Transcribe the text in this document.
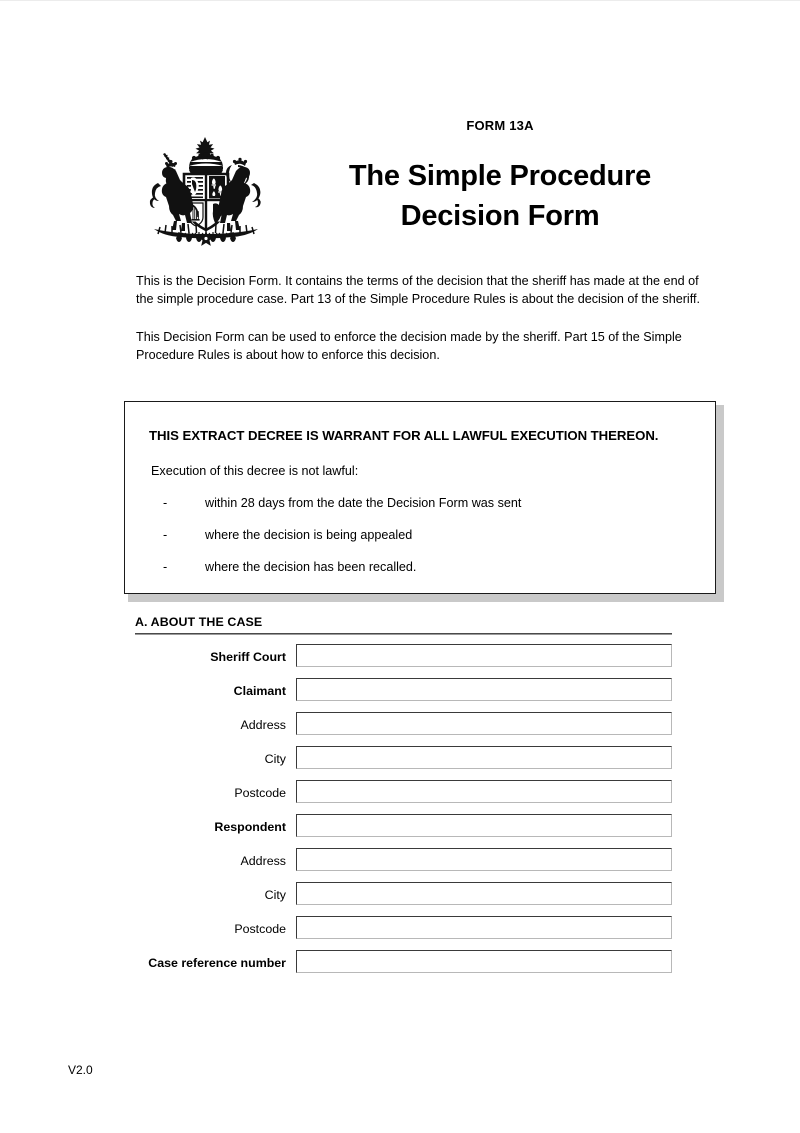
FORM 13A
The Simple Procedure
Decision Form

This is the Decision Form. It contains the terms of the decision that the sheriff has made at the end of the simple procedure case. Part 13 of the Simple Procedure Rules is about the decision of the sheriff.

This Decision Form can be used to enforce the decision made by the sheriff. Part 15 of the Simple Procedure Rules is about how to enforce this decision.

THIS EXTRACT DECREE IS WARRANT FOR ALL LAWFUL EXECUTION THEREON.
Execution of this decree is not lawful:
-	within 28 days from the date the Decision Form was sent
-	where the decision is being appealed
-	where the decision has been recalled.
A. ABOUT THE CASE
Sheriff Court
Claimant
Address
City
Postcode
Respondent
Address
City
Postcode
Case reference number
V2.0
